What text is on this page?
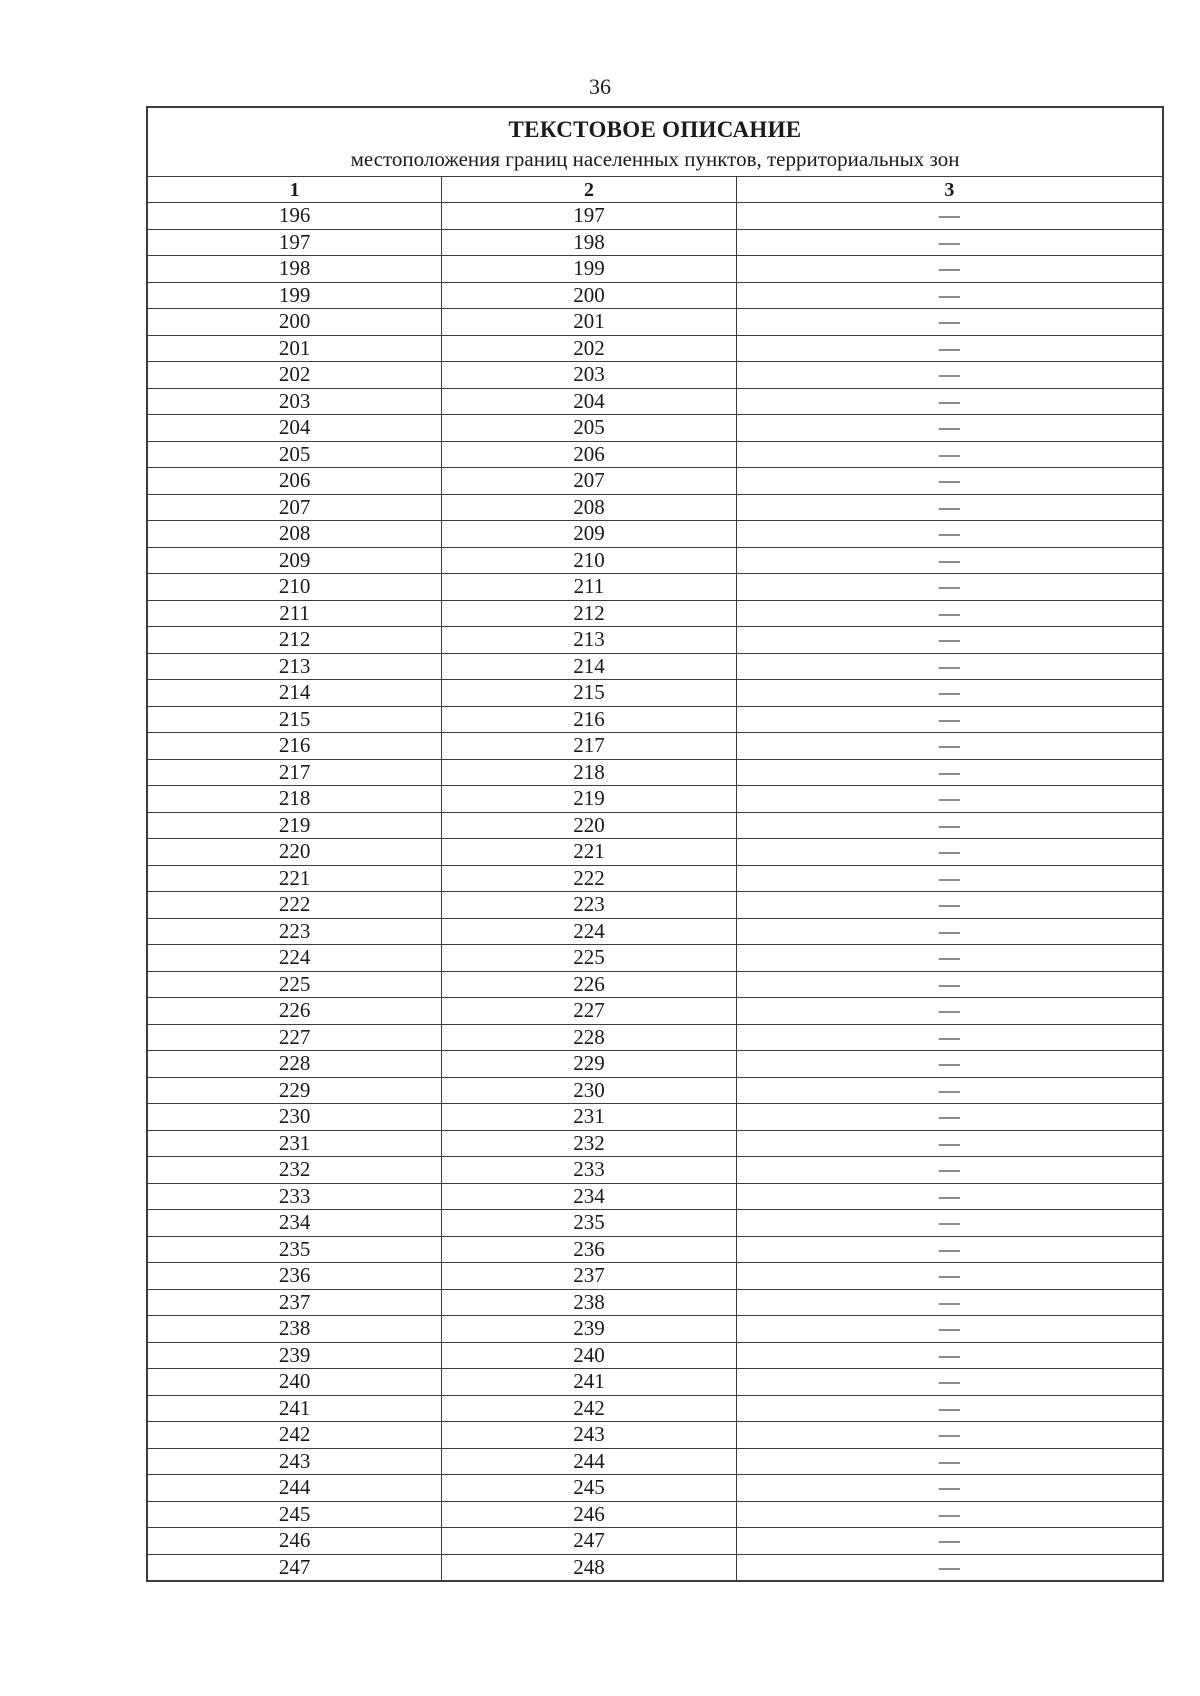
36
ТЕКСТОВОЕ ОПИСАНИЕ
местоположения границ населенных пунктов, территориальных зон		

1	2	3
196	197	—
197	198	—
198	199	—
199	200	—
200	201	—
201	202	—
202	203	—
203	204	—
204	205	—
205	206	—
206	207	—
207	208	—
208	209	—
209	210	—
210	211	—
211	212	—
212	213	—
213	214	—
214	215	—
215	216	—
216	217	—
217	218	—
218	219	—
219	220	—
220	221	—
221	222	—
222	223	—
223	224	—
224	225	—
225	226	—
226	227	—
227	228	—
228	229	—
229	230	—
230	231	—
231	232	—
232	233	—
233	234	—
234	235	—
235	236	—
236	237	—
237	238	—
238	239	—
239	240	—
240	241	—
241	242	—
242	243	—
243	244	—
244	245	—
245	246	—
246	247	—
247	248	—
